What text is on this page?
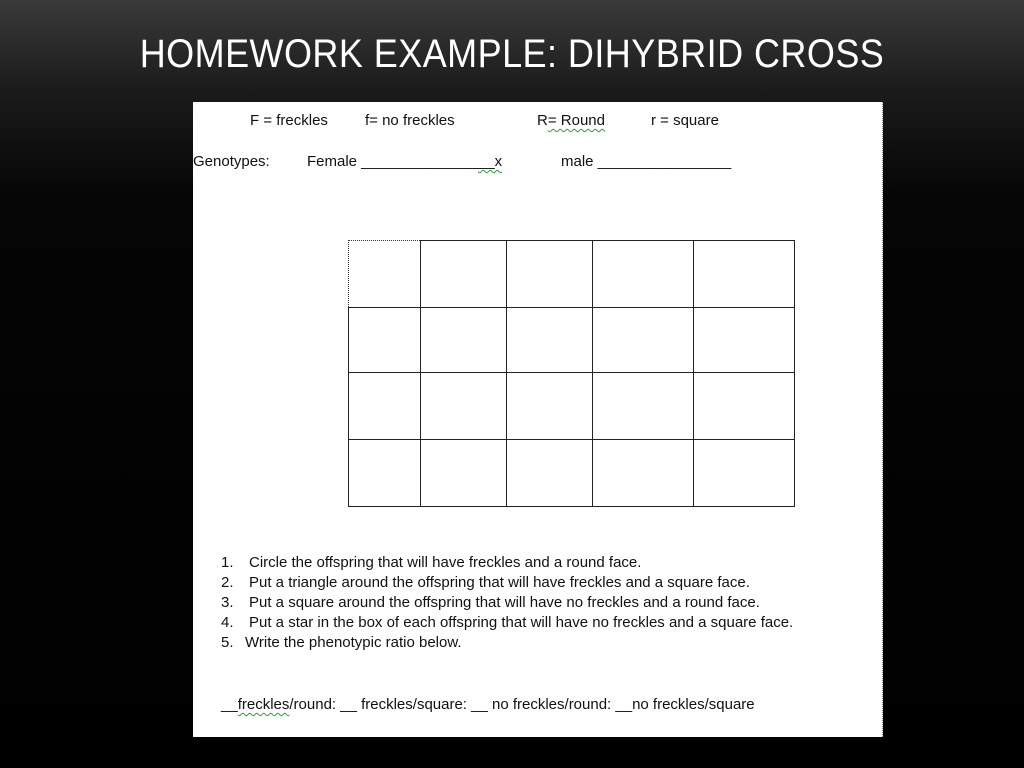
HOMEWORK EXAMPLE: DIHYBRID CROSS
F = freckles f= no freckles	R= Round	r = square
Genotypes: Female ________________x	male ________________

1.	Circle the offspring that will have freckles and a round face.
2.	Put a triangle around the offspring that will have freckles and a square face.
3.	Put a square around the offspring that will have no freckles and a round face.
4.	Put a star in the box of each offspring that will have no freckles and a square face.
5. Write the phenotypic ratio below.
__freckles/round: __ freckles/square: __ no freckles/round: __no freckles/square
